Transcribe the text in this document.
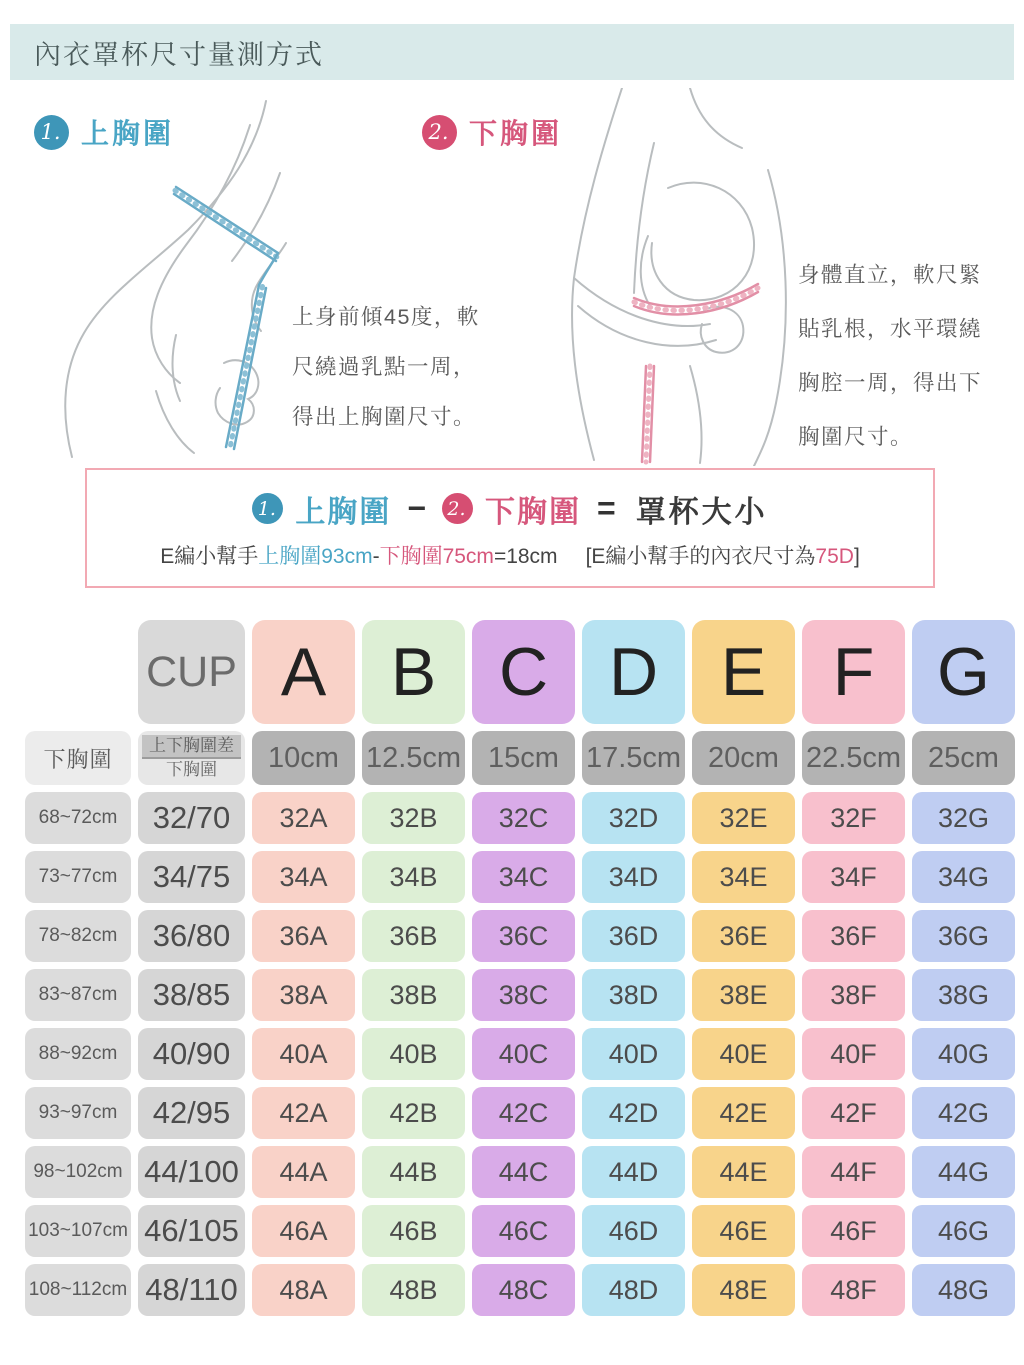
內衣罩杯尺寸量測方式
1. 上胸圍	2. 下胸圍
上身前傾45度，軟
尺繞過乳點一周，
得出上胸圍尺寸。
身體直立，軟尺緊
貼乳根，水平環繞
胸腔一周，得出下
胸圍尺寸。
1. 上胸圍 − 2. 下胸圍 = 罩杯大小
E編小幫手上胸圍93cm-下胸圍75cm=18cm [E編小幫手的內衣尺寸為75D]
CUP A B C D E F G
下胸圍	$\frac{\text{上下胸圍差}}{\text{下胸圍}} 10cm$ 12.5cm 15cm 17.5cm 20cm 22.5cm 25cm
68~72cm	32/70	32A	32B	32C	32D	32E	32F	32G
73~77cm	34/75	34A	34B	34C	34D	34E	34F	34G
78~82cm	36/80	36A	36B	36C	36D	36E	36F	36G
83~87cm	38/85	38A	38B	38C	38D	38E	38F	38G
88~92cm	40/90	40A	40B	40C	40D	40E	40F	40G
93~97cm	42/95	42A	42B	42C	42D	42E	42F	42G
98~102cm 44/100	44A	44B	44C	44D	44E	44F	44G
103~107cm 46/105	46A	46B	46C	46D	46E	46F	46G
108~112cm 48/110	48A	48B	48C	48D	48E	48F	48G
